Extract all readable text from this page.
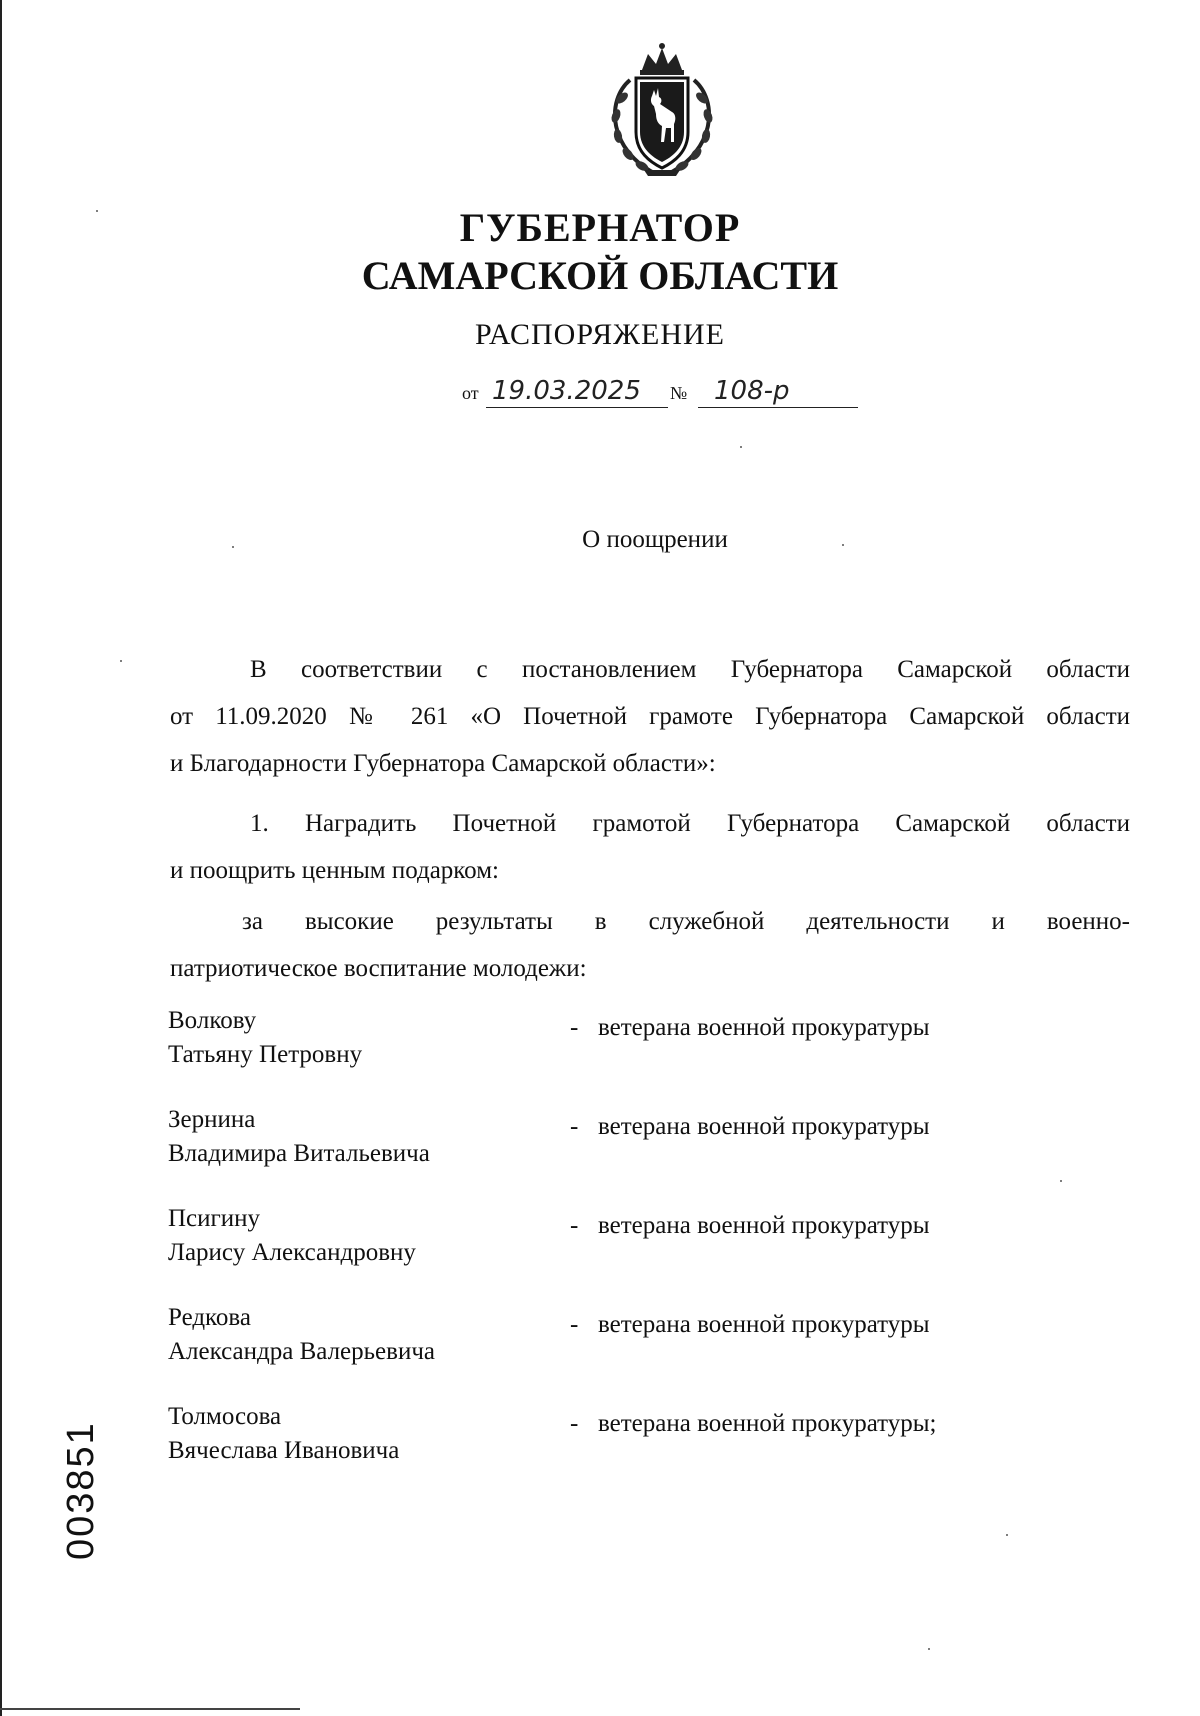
ГУБЕРНАТОР
САМАРСКОЙ ОБЛАСТИ
РАСПОРЯЖЕНИЕ
от 19.03.2025 № 108-р
О поощрении
В соответствии с постановлением Губернатора Самарской области
от 11.09.2020 № 261 «О Почетной грамоте Губернатора Самарской области
и Благодарности Губернатора Самарской области»:
1. Наградить Почетной грамотой Губернатора Самарской области
и поощрить ценным подарком:
за высокие результаты в служебной деятельности и военно-
патриотическое воспитание молодежи:
Волкову
Татьяну Петровну
- ветерана военной прокуратуры
Зернина
Владимира Витальевича
- ветерана военной прокуратуры
Псигину
Ларису Александровну
- ветерана военной прокуратуры
Редкова
Александра Валерьевича
- ветерана военной прокуратуры
Толмосова
Вячеслава Ивановича
- ветерана военной прокуратуры;
003851
